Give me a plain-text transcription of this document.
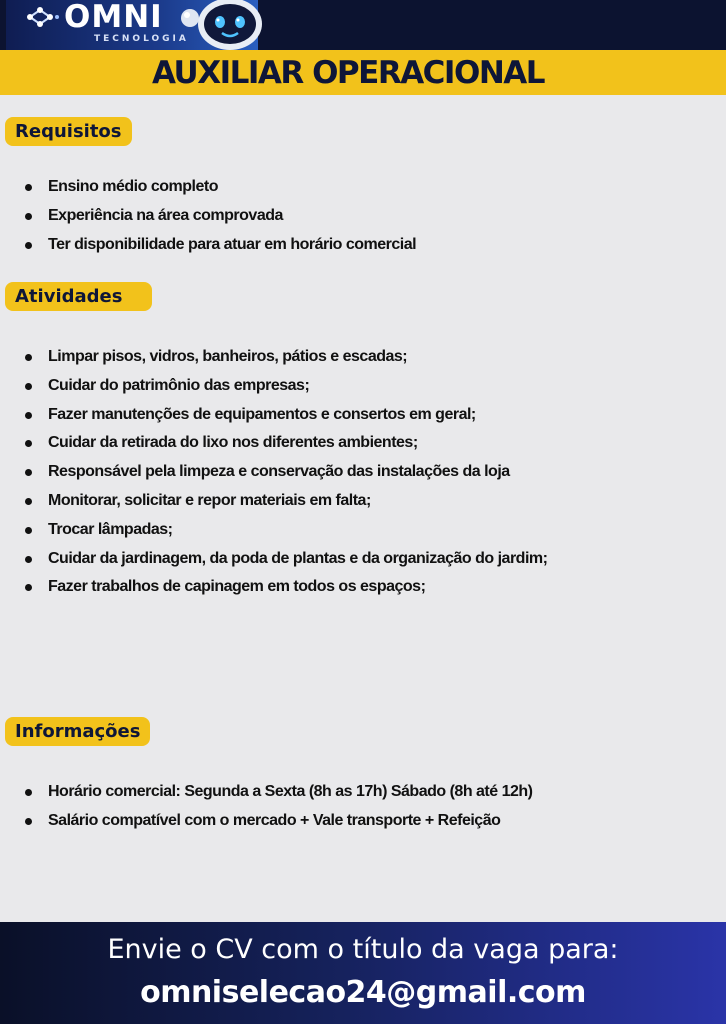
OMNI
TECNOLOGIA
AUXILIAR OPERACIONAL
Requisitos
Ensino médio completo
Experiência na área comprovada
Ter disponibilidade para atuar em horário comercial
Atividades
Limpar pisos, vidros, banheiros, pátios e escadas;
Cuidar do patrimônio das empresas;
Fazer manutenções de equipamentos e consertos em geral;
Cuidar da retirada do lixo nos diferentes ambientes;
Responsável pela limpeza e conservação das instalações da loja
Monitorar, solicitar e repor materiais em falta;
Trocar lâmpadas;
Cuidar da jardinagem, da poda de plantas e da organização do jardim;
Fazer trabalhos de capinagem em todos os espaços;
Informações
Horário comercial: Segunda a Sexta (8h as 17h) Sábado (8h até 12h)
Salário compatível com o mercado + Vale transporte + Refeição
Envie o CV com o título da vaga para:
omniselecao24@gmail.com
